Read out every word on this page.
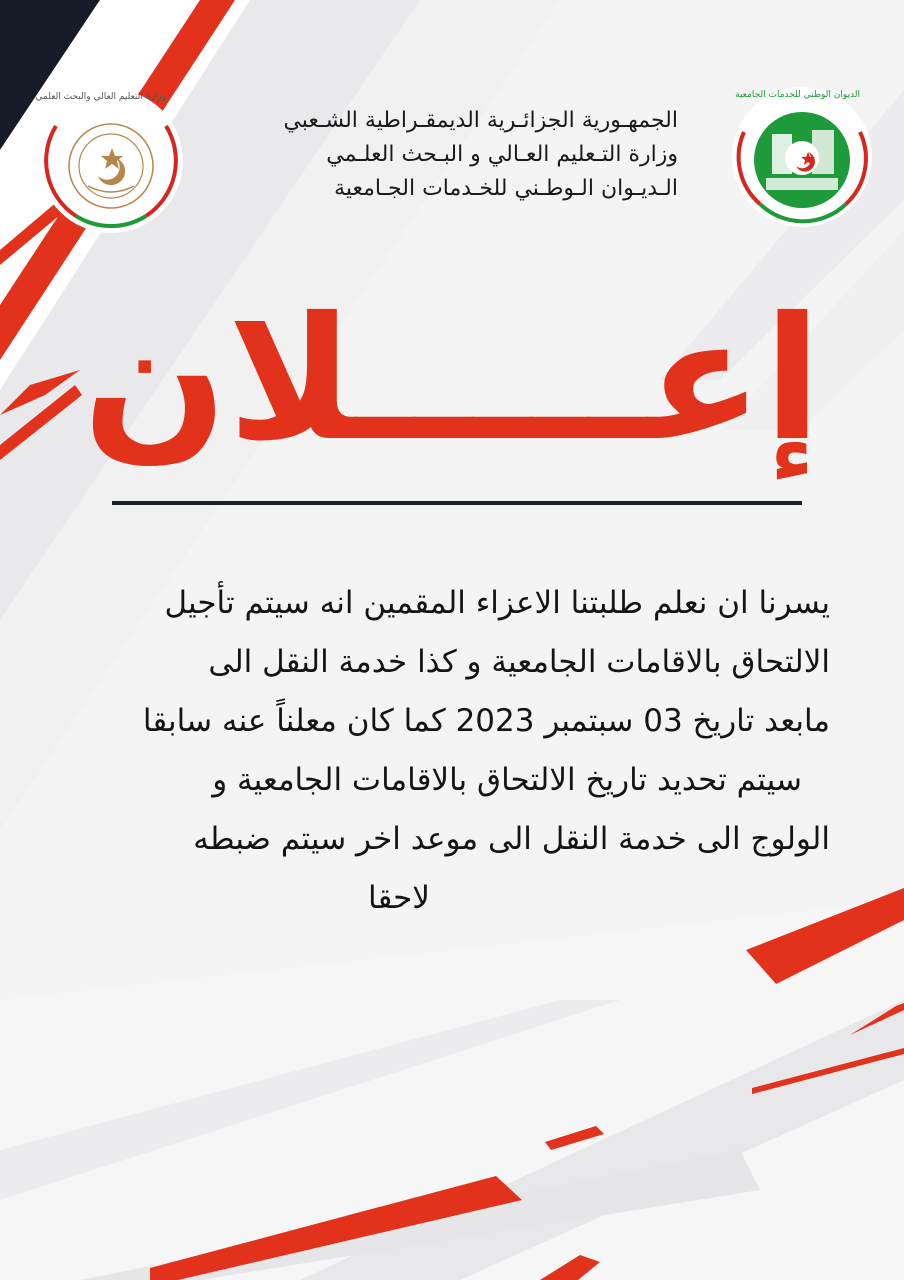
وزارة التعليم العالي والبحث العلمي	الديوان الوطني للخدمات الجامعية
الجمهـورية الجزائـرية الديمقـراطية الشـعبي
وزارة التـعليم العـالي و البـحث العلـمي
الـديـوان الـوطـني للخـدمات الجـامعية
إعـــــلان
يسرنا ان نعلم طلبتنا الاعزاء المقمين انه سيتم تأجيل
الالتحاق بالاقامات الجامعية و كذا خدمة النقل الى
مابعد تاريخ 03 سبتمبر 2023 كما كان معلناً عنه سابقا
سيتم تحديد تاريخ الالتحاق بالاقامات الجامعية و
الولوج الى خدمة النقل الى موعد اخر سيتم ضبطه
لاحقا
